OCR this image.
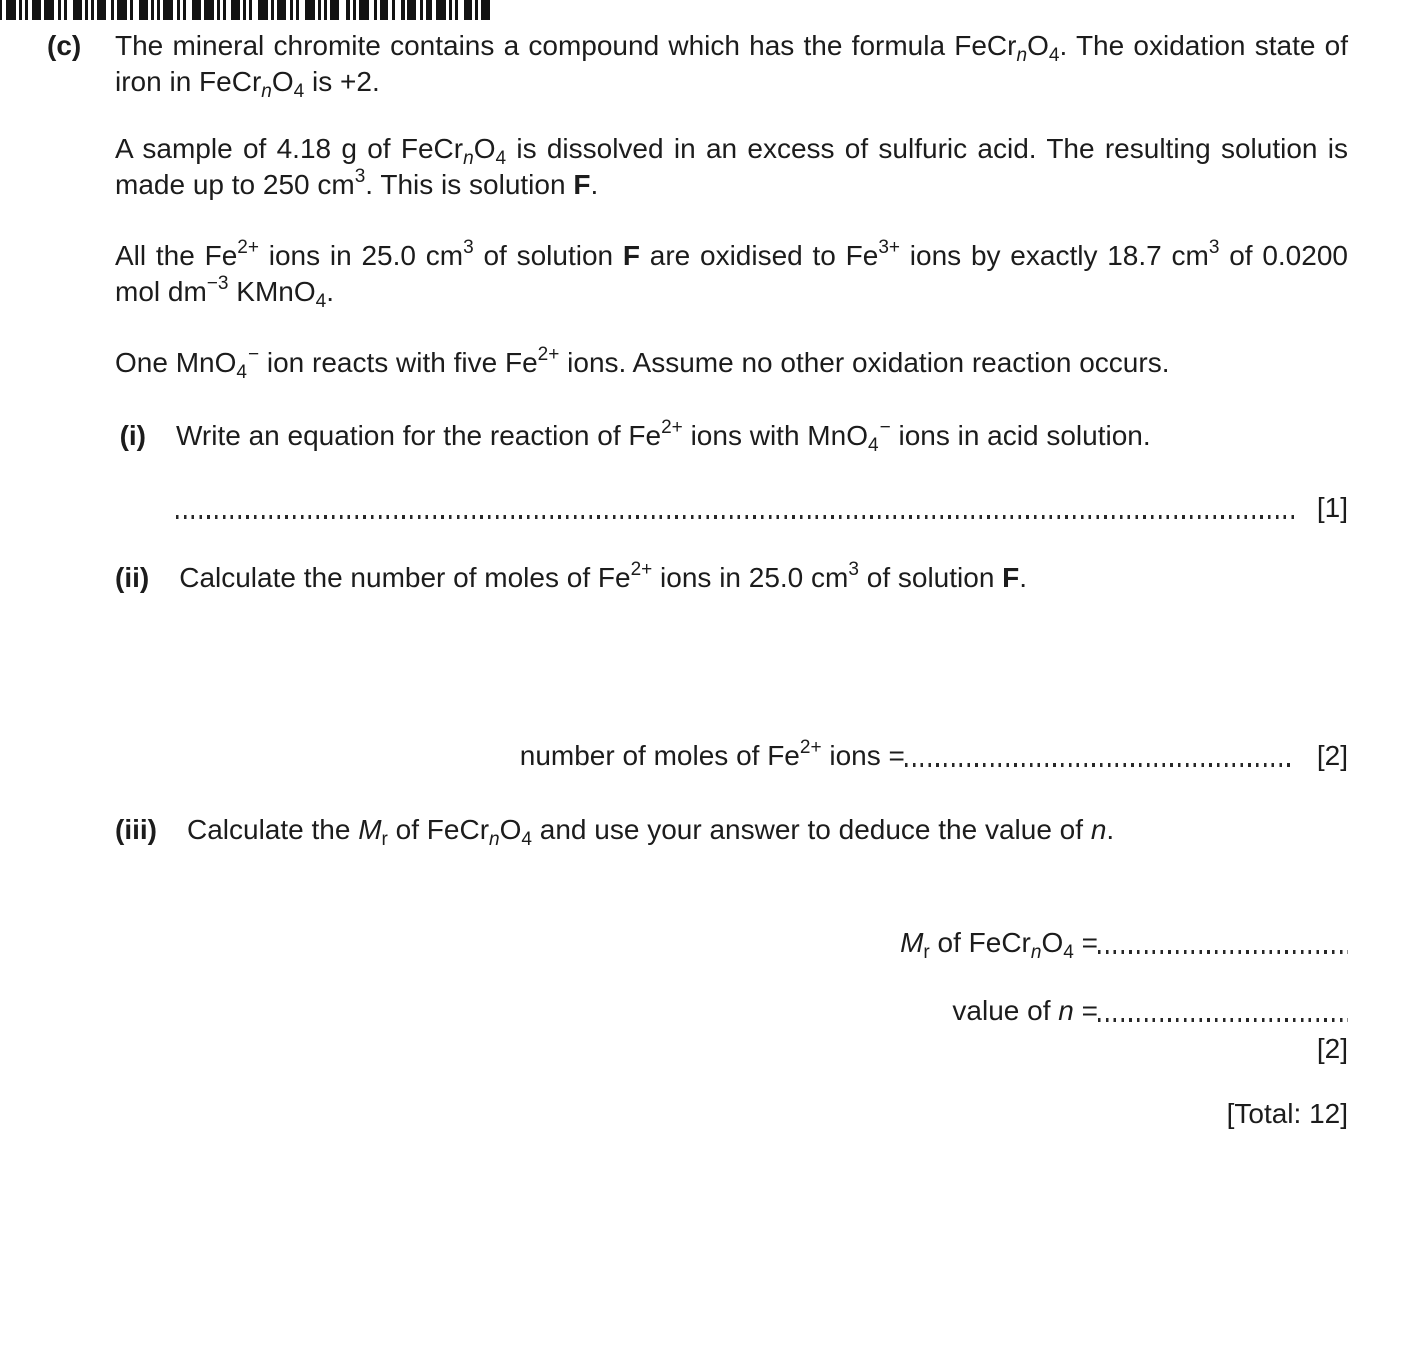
(c)	The mineral chromite contains a compound which has the formula $FeCr_nO_4$. The oxidation state of iron in $FeCr_nO_4$ is +2.

A sample of 4.18 g of $FeCr_nO_4$ is dissolved in an excess of sulfuric acid. The resulting solution is made up to 250 $cm^3$. This is solution F.

All the $Fe^{2+}$ ions in 25.0 $cm^3$ of solution F are oxidised to $Fe^{3+}$ ions by exactly 18.7 $cm^3$ of 0.0200 mol $dm^{-3}$ KMnO$_4$.

One MnO$_4$− ion reacts with five $Fe^{2+}$ ions. Assume no other oxidation reaction occurs.

(i) Write an equation for the reaction of $Fe^{2+}$ ions with MnO$_4$− ions in acid solution.

[1]
(ii) Calculate the number of moles of $Fe^{2+}$ ions in 25.0 $cm^3$ of solution F.

number of moles of $Fe^{2+}$ ions =	[2]
(iii) Calculate the $M_r$ of $FeCr_nO_4$ and use your answer to deduce the value of n.

$M_r$ of $FeCr_nO_4$ =
value of n =
[2]
[Total: 12]
